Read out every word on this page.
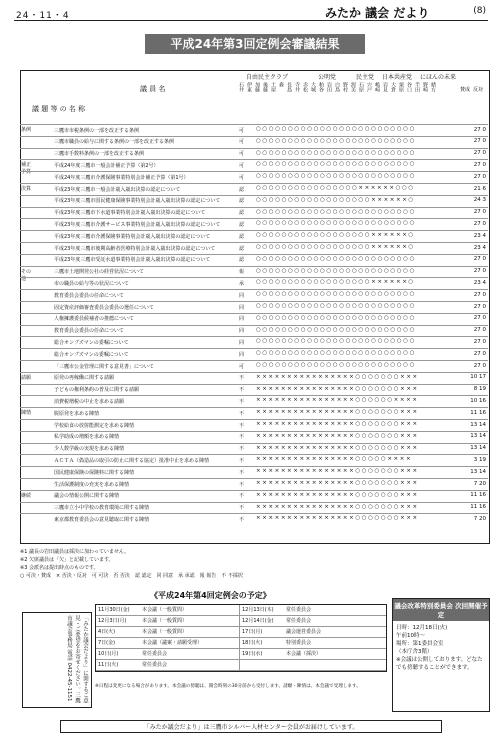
24・11・4	みたか 議会 だより	(8)
平成24年第3回定例会審議結果
議 員 名
議 題 等 の 名 称
自由民主クラブ	公明党	民主党 日本共産党 にほんの未来
石井 伊東 加藤 後藤 土屋 森 長島 寺井 赤松 大城 粕谷 岩田 白鳥 野村 渥美 石原 宍戸 嶋崎 岩見 大倉 栗原 谷口 半田 野崎 緒方	賛成 反対
条例	三鷹市市税条例の一部を改正する条例	可	○○○○○○○○○○○○○○○○○○○○○○○○○	27 0
三鷹市職員の給与に関する条例の一部を改正する条例	可	○○○○○○○○○○○○○○○○○○○○○○○○○	27 0
三鷹市手数料条例の一部を改正する条例	可	○○○○○○○○○○○○○○○○○○○○○○○○○	27 0
補正予算
平成24年度三鷹市一般会計補正予算（第2号）	可	○○○○○○○○○○○○○○○○○○○○○○○○○	27 0
平成24年度三鷹市介護保険事業特別会計補正予算（第1号）	可	○○○○○○○○○○○○○○○○○○○○○○○○○	27 0
決算	平成23年度三鷹市一般会計歳入歳出決算の認定について	認	○○○○○○○○○○○○○○○○××××××○○○	21 6
平成23年度三鷹市国民健康保険事業特別会計歳入歳出決算の認定について	認	○○○○○○○○○○○○○○○○○○××××××○	24 3
平成23年度三鷹市下水道事業特別会計歳入歳出決算の認定について	認	○○○○○○○○○○○○○○○○○○○○○○○○○	27 0
平成23年度三鷹市介護サービス事業特別会計歳入歳出決算の認定について	認	○○○○○○○○○○○○○○○○○○○○○○○○○	27 0
平成23年度三鷹市介護保険事業特別会計歳入歳出決算の認定について	認	○○○○○○○○○○○○○○○○○○××××××○	23 4
平成23年度三鷹市後期高齢者医療特別会計歳入歳出決算の認定について	認	○○○○○○○○○○○○○○○○○○××××××○	23 4
平成23年度三鷹市受託水道事業特別会計歳入歳出決算の認定について	認	○○○○○○○○○○○○○○○○○○○○○○○○○	27 0
その他
三鷹市土地開発公社の経営状況について	報	○○○○○○○○○○○○○○○○○○○○○○○○○	27 0
市の職員の給与等の状況について	承	○○○○○○○○○○○○○○○○○○××××××○	23 4
教育委員会委員の任命について	同	○○○○○○○○○○○○○○○○○○○○○○○○○	27 0
固定資産評価審査委員会委員の選任について	同	○○○○○○○○○○○○○○○○○○○○○○○○○	27 0
人権擁護委員候補者の推薦について	同	○○○○○○○○○○○○○○○○○○○○○○○○○	27 0
教育委員会委員の任命について	同	○○○○○○○○○○○○○○○○○○○○○○○○○	27 0
総合オンブズマンの委嘱について	同	○○○○○○○○○○○○○○○○○○○○○○○○○	27 0
総合オンブズマンの委嘱について	同	○○○○○○○○○○○○○○○○○○○○○○○○○	27 0
「三鷹市公金管理に関する意見書」について	可	○○○○○○○○○○○○○○○○○○○○○○○○○	27 0
請願	原発の再稼働に関する請願	不	××××××××××××××××○○○○○○○×××	10 17
子どもの権利条約の普及に関する請願	不	××××××××××××××××○○○○○○○×××	8 19
消費税増税の中止を求める請願	不	××××××××××××××××○○○○○○××××	10 16
陳情	脱原発を求める陳情	不	××××××××××××××××○○○○○○○×××	11 16
学校給食の放射能測定を求める陳情	不	××××××××××××××××○○○○○○○×××	13 14
私学助成の増額を求める陳情	不	××××××××××××××××○○○○○○○×××	13 14
少人数学級の実現を求める陳情	不	××××××××××××××××○○○○○○○×××	13 14
ＡＣＴＡ（偽造品の取引の防止に関する協定）批准中止を求める陳情	不	××××××××××××××××○○○○○××××	3 19
国民健康保険の保険料に関する陳情	不	××××××××××××××××○○○○○○○×××	13 14
生活保護制度の充実を求める陳情	不	××××××××××××××××○○○○○○○×××	7 20
継続	議会の情報公開に関する陳情	不	××××××××××××××××○○○○○○○×××	11 16
三鷹市立小中学校の教育環境に関する陳情	不	××××××××××××××××○○○○○○○×××	11 16
東京都教育委員会の意見聴取に関する陳情	不	××××××××××××××××○○○○○○○×××	7 20
※1 議長の岩田議員は採決に加わっていません。
※2 欠席議員は「欠」と記載しています。
※3 会派名は提出時点のものです。
○ 可決・賛成　× 否決・反対　可 可決　否 否決　認 認定　同 同意　承 承認　報 報告　不 不採択
《平成24年第4回定例会の予定》
11月30日(金)	本会議（一般質問）	12月13日(木)	常任委員会
12月3日(月)	本会議（一般質問）	12月14日(金)	常任委員会
4日(火)	本会議（一般質問）	17日(月)	議会運営委員会
7日(金)	本会議（議案・請願受理）	18日(火)	特別委員会
10日(月)	常任委員会	19日(水)	本会議（採決）
11日(火)	常任委員会
※日程は変更になる場合があります。本会議の傍聴は、開会時刻の30分前から受付します。請願・陳情は、本会議で受理します。
「みたか議会だより」に関するご意見・ご要望をお寄せください。三鷹市議会事務局 電話 0422-45-1151
議会改革特別委員会 次回開催予定
日時：12月18日(火)
午前10時〜
場所：第1委員会室
（本庁舎3階）
※会議は公開しております。どなたでも傍聴することができます。
「みたか議会だより」は三鷹市シルバー人材センター会員がお届けしています。
